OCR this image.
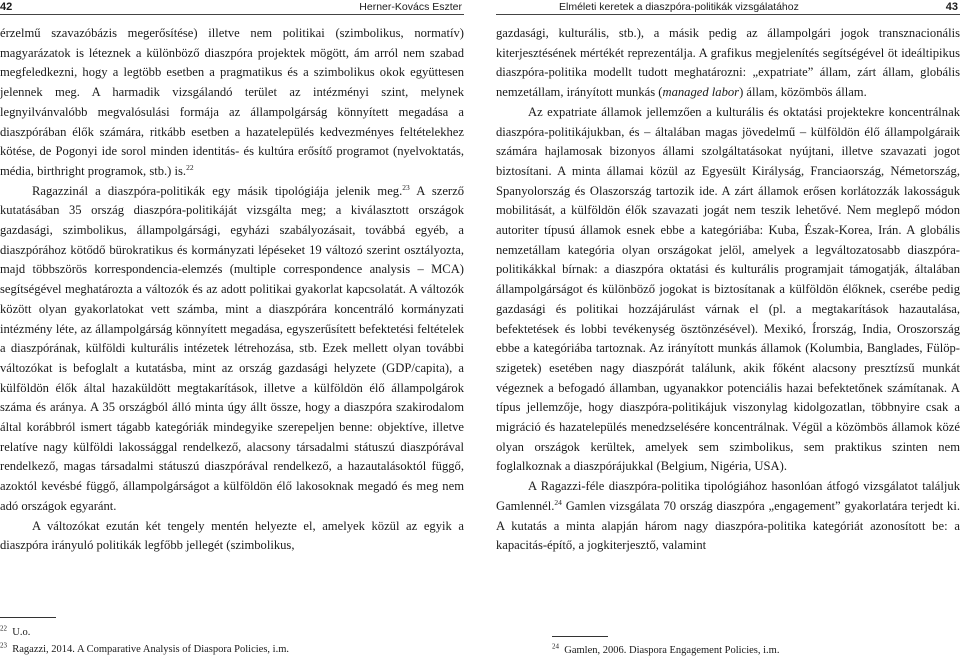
42	Herner-Kovács Eszter

érzelmű szavazóbázis megerősítése) illetve nem politikai (szimbolikus, normatív) magyarázatok is léteznek a különböző diaszpóra projektek mögött, ám arról nem szabad megfeledkezni, hogy a legtöbb esetben a pragmatikus és a szimbolikus okok együttesen jelennek meg. A harmadik vizsgálandó terület az intézményi szint, melynek legnyilvánvalóbb megvalósulási formája az állampolgárság könnyített megadása a diaszpórában élők számára, ritkább esetben a hazatelepülés kedvezményes feltételekhez kötése, de Pogonyi ide sorol minden identitás- és kultúra erősítő programot (nyelvoktatás, média, birthright programok, stb.) is.$^{22}$

Ragazzinál a diaszpóra-politikák egy másik tipológiája jelenik meg.$^{23}$ A szerző kutatásában 35 ország diaszpóra-politikáját vizsgálta meg; a kiválasztott országok gazdasági, szimbolikus, állampolgársági, egyházi szabályozásait, továbbá egyéb, a diaszpórához kötődő bürokratikus és kormányzati lépéseket 19 változó szerint osztályozta, majd többszörös korrespondencia-elemzés (multiple correspondence analysis – MCA) segítségével meghatározta a változók és az adott politikai gyakorlat kapcsolatát. A változók között olyan gyakorlatokat vett számba, mint a diaszpórára koncentráló kormányzati intézmény léte, az állampolgárság könnyített megadása, egyszerűsített befektetési feltételek a diaszpórának, külföldi kulturális intézetek létrehozása, stb. Ezek mellett olyan további változókat is befoglalt a kutatásba, mint az ország gazdasági helyzete (GDP/capita), a külföldön élők által hazaküldött megtakarítások, illetve a külföldön élő állampolgárok száma és aránya. A 35 országból álló minta úgy állt össze, hogy a diaszpóra szakirodalom által korábbról ismert tágabb kategóriák mindegyike szerepeljen benne: objektíve, illetve relatíve nagy külföldi lakossággal rendelkező, alacsony társadalmi státuszú diaszpórával rendelkező, magas társadalmi státuszú diaszpórával rendelkező, a hazautalásoktól függő, azoktól kevésbé függő, állampolgárságot a külföldön élő lakosoknak megadó és meg nem adó országok egyaránt.

A változókat ezután két tengely mentén helyezte el, amelyek közül az egyik a diaszpóra irányuló politikák legfőbb jellegét (szimbolikus,

$^{22}$ U.o.
$^{23}$ Ragazzi, 2014. A Comparative Analysis of Diaspora Policies, i.m.
Elméleti keretek a diaszpóra-politikák vizsgálatához	43

gazdasági, kulturális, stb.), a másik pedig az állampolgári jogok transznacionális kiterjesztésének mértékét reprezentálja. A grafikus megjelenítés segítségével öt ideáltipikus diaszpóra-politika modellt tudott meghatároznі: „expatriate” állam, zárt állam, globális nemzetállam, irányított munkás (managed labor) állam, közömbös állam.

Az expatriate államok jellemzően a kulturális és oktatási projektekre koncentrálnak diaszpóra-politikájukban, és – általában magas jövedelmű – külföldön élő állampolgáraik számára hajlamosak bizonyos állami szolgáltatásokat nyújtani, illetve szavazati jogot biztosítani. A minta államai közül az Egyesült Királyság, Franciaország, Németország, Spanyolország és Olaszország tartozik ide. A zárt államok erősen korlátozzák lakosságuk mobilitását, a külföldön élők szavazati jogát nem teszik lehetővé. Nem meglepő módon autoriter típusú államok esnek ebbe a kategóriába: Kuba, Észak-Korea, Irán. A globális nemzetállam kategória olyan országokat jelöl, amelyek a legváltozatosabb diaszpóra-politikákkal bírnak: a diaszpóra oktatási és kulturális programjait támogatják, általában állampolgárságot és különböző jogokat is biztosítanak a külföldön élőknek, cserébe pedig gazdasági és politikai hozzájárulást várnak el (pl. a megtakarítások hazautalása, befektetések és lobbi tevékenység ösztönzésével). Mexikó, Írország, India, Oroszország ebbe a kategóriába tartoznak. Az irányított munkás államok (Kolumbia, Banglades, Fülöp-szigetek) esetében nagy diaszpórát találunk, akik főként alacsony presztízsű munkát végeznek a befogadó államban, ugyanakkor potenciális hazai befektetőnek számítanak. A típus jellemzője, hogy diaszpóra-politikájuk viszonylag kidolgozatlan, többnyire csak a migráció és hazatelepülés menedzselésére koncentrálnak. Végül a közömbös államok közé olyan országok kerültek, amelyek sem szimbolikus, sem praktikus szinten nem foglalkoznak a diaszpórájukkal (Belgium, Nigéria, USA).

A Ragazzi-féle diaszpóra-politika tipológiához hasonlóan átfogó vizsgálatot találjuk Gamlennél.$^{24}$ Gamlen vizsgálata 70 ország diaszpóra „engagement” gyakorlatára terjedt ki. A kutatás a minta alapján három nagy diaszpóra-politika kategóriát azonosított be: a kapacitás-építő, a jogkiterjesztő, valamint

$^{24}$ Gamlen, 2006. Diaspora Engagement Policies, i.m.
